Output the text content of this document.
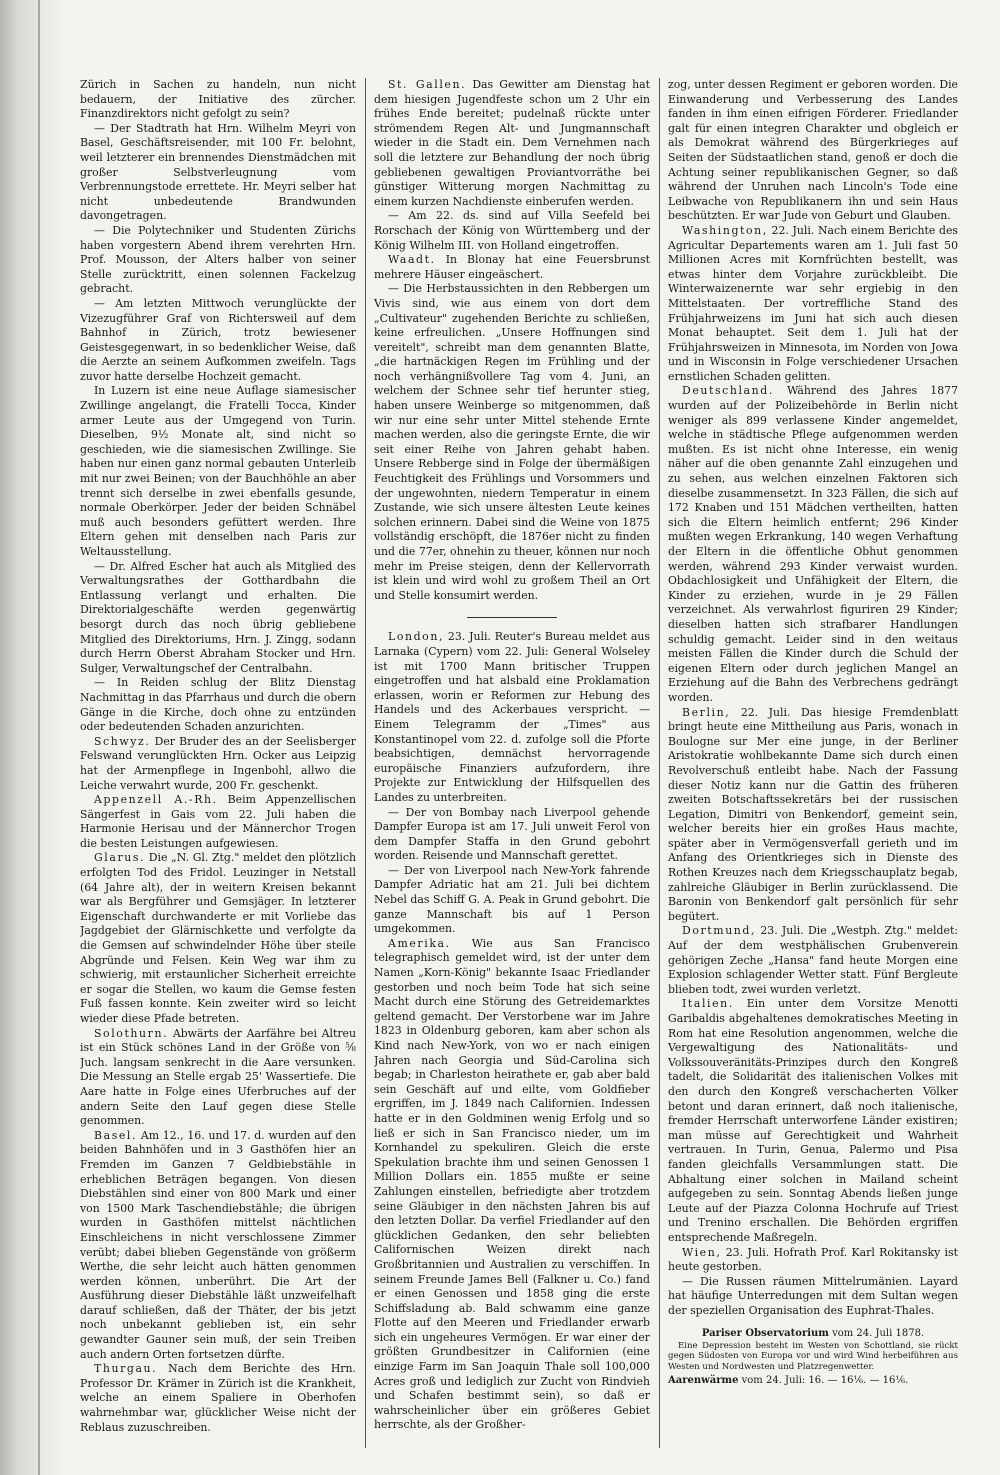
Zürich in Sachen zu handeln, nun nicht bedauern, der Initiative des zürcher. Finanzdirektors nicht gefolgt zu sein?

— Der Stadtrath hat Hrn. Wilhelm Meyri von Basel, Geschäftsreisender, mit 100 Fr. belohnt, weil letzterer ein brennendes Dienstmädchen mit großer Selbstverleugnung vom Verbrennungstode errettete. Hr. Meyri selber hat nicht unbedeutende Brandwunden davongetragen.

— Die Polytechniker und Studenten Zürichs haben vorgestern Abend ihrem verehrten Hrn. Prof. Mousson, der Alters halber von seiner Stelle zurücktritt, einen solennen Fackelzug gebracht.

— Am letzten Mittwoch verunglückte der Vizezugführer Graf von Richtersweil auf dem Bahnhof in Zürich, trotz bewiesener Geistesgegenwart, in so bedenklicher Weise, daß die Aerzte an seinem Aufkommen zweifeln. Tags zuvor hatte derselbe Hochzeit gemacht.

In Luzern ist eine neue Auflage siamesischer Zwillinge angelangt, die Fratelli Tocca, Kinder armer Leute aus der Umgegend von Turin. Dieselben, 9½ Monate alt, sind nicht so geschieden, wie die siamesischen Zwillinge. Sie haben nur einen ganz normal gebauten Unterleib mit nur zwei Beinen; von der Bauchhöhle an aber trennt sich derselbe in zwei ebenfalls gesunde, normale Oberkörper. Jeder der beiden Schnäbel muß auch besonders gefüttert werden. Ihre Eltern gehen mit denselben nach Paris zur Weltausstellung.

— Dr. Alfred Escher hat auch als Mitglied des Verwaltungsrathes der Gotthardbahn die Entlassung verlangt und erhalten. Die Direktorialgeschäfte werden gegenwärtig besorgt durch das noch übrig gebliebene Mitglied des Direktoriums, Hrn. J. Zingg, sodann durch Herrn Oberst Abraham Stocker und Hrn. Sulger, Verwaltungschef der Centralbahn.

— In Reiden schlug der Blitz Dienstag Nachmittag in das Pfarrhaus und durch die obern Gänge in die Kirche, doch ohne zu entzünden oder bedeutenden Schaden anzurichten.

Schwyz. Der Bruder des an der Seelisberger Felswand verunglückten Hrn. Ocker aus Leipzig hat der Armenpflege in Ingenbohl, allwo die Leiche verwahrt wurde, 200 Fr. geschenkt.

Appenzell A.-Rh. Beim Appenzellischen Sängerfest in Gais vom 22. Juli haben die Harmonie Herisau und der Männerchor Trogen die besten Leistungen aufgewiesen.

Glarus. Die „N. Gl. Ztg." meldet den plötzlich erfolgten Tod des Fridol. Leuzinger in Netstall (64 Jahre alt), der in weitern Kreisen bekannt war als Bergführer und Gemsjäger. In letzterer Eigenschaft durchwanderte er mit Vorliebe das Jagdgebiet der Glärnischkette und verfolgte da die Gemsen auf schwindelnder Höhe über steile Abgründe und Felsen. Kein Weg war ihm zu schwierig, mit erstaunlicher Sicherheit erreichte er sogar die Stellen, wo kaum die Gemse festen Fuß fassen konnte. Kein zweiter wird so leicht wieder diese Pfade betreten.

Solothurn. Abwärts der Aarfähre bei Altreu ist ein Stück schönes Land in der Größe von ⅝ Juch. langsam senkrecht in die Aare versunken. Die Messung an Stelle ergab 25' Wassertiefe. Die Aare hatte in Folge eines Uferbruches auf der andern Seite den Lauf gegen diese Stelle genommen.

Basel. Am 12., 16. und 17. d. wurden auf den beiden Bahnhöfen und in 3 Gasthöfen hier an Fremden im Ganzen 7 Geldbiebstähle in erheblichen Beträgen begangen. Von diesen Diebstählen sind einer von 800 Mark und einer von 1500 Mark Taschendiebstähle; die übrigen wurden in Gasthöfen mittelst nächtlichen Einschleichens in nicht verschlossene Zimmer verübt; dabei blieben Gegenstände von größerm Werthe, die sehr leicht auch hätten genommen werden können, unberührt. Die Art der Ausführung dieser Diebstähle läßt unzweifelhaft darauf schließen, daß der Thäter, der bis jetzt noch unbekannt geblieben ist, ein sehr gewandter Gauner sein muß, der sein Treiben auch andern Orten fortsetzen dürfte.

Thurgau. Nach dem Berichte des Hrn. Professor Dr. Krämer in Zürich ist die Krankheit, welche an einem Spaliere in Oberhofen wahrnehmbar war, glücklicher Weise nicht der Reblaus zuzuschreiben.

St. Gallen. Das Gewitter am Dienstag hat dem hiesigen Jugendfeste schon um 2 Uhr ein frühes Ende bereitet; pudelnaß rückte unter strömendem Regen Alt- und Jungmannschaft wieder in die Stadt ein. Dem Vernehmen nach soll die letztere zur Behandlung der noch übrig gebliebenen gewaltigen Proviantvorräthe bei günstiger Witterung morgen Nachmittag zu einem kurzen Nachdienste einberufen werden.

— Am 22. ds. sind auf Villa Seefeld bei Rorschach der König von Württemberg und der König Wilhelm III. von Holland eingetroffen.

Waadt. In Blonay hat eine Feuersbrunst mehrere Häuser eingeäschert.

— Die Herbstaussichten in den Rebbergen um Vivis sind, wie aus einem von dort dem „Cultivateur" zugehenden Berichte zu schließen, keine erfreulichen. „Unsere Hoffnungen sind vereitelt", schreibt man dem genannten Blatte, „die hartnäckigen Regen im Frühling und der noch verhängnißvollere Tag vom 4. Juni, an welchem der Schnee sehr tief herunter stieg, haben unsere Weinberge so mitgenommen, daß wir nur eine sehr unter Mittel stehende Ernte machen werden, also die geringste Ernte, die wir seit einer Reihe von Jahren gehabt haben. Unsere Rebberge sind in Folge der übermäßigen Feuchtigkeit des Frühlings und Vorsommers und der ungewohnten, niedern Temperatur in einem Zustande, wie sich unsere ältesten Leute keines solchen erinnern. Dabei sind die Weine von 1875 vollständig erschöpft, die 1876er nicht zu finden und die 77er, ohnehin zu theuer, können nur noch mehr im Preise steigen, denn der Kellervorrath ist klein und wird wohl zu großem Theil an Ort und Stelle konsumirt werden.

London, 23. Juli. Reuter's Bureau meldet aus Larnaka (Cypern) vom 22. Juli: General Wolseley ist mit 1700 Mann britischer Truppen eingetroffen und hat alsbald eine Proklamation erlassen, worin er Reformen zur Hebung des Handels und des Ackerbaues verspricht. — Einem Telegramm der „Times" aus Konstantinopel vom 22. d. zufolge soll die Pforte beabsichtigen, demnächst hervorragende europäische Finanziers aufzufordern, ihre Projekte zur Entwicklung der Hilfsquellen des Landes zu unterbreiten.

— Der von Bombay nach Liverpool gehende Dampfer Europa ist am 17. Juli unweit Ferol von dem Dampfer Staffa in den Grund gebohrt worden. Reisende und Mannschaft gerettet.

— Der von Liverpool nach New-York fahrende Dampfer Adriatic hat am 21. Juli bei dichtem Nebel das Schiff G. A. Peak in Grund gebohrt. Die ganze Mannschaft bis auf 1 Person umgekommen.

Amerika. Wie aus San Francisco telegraphisch gemeldet wird, ist der unter dem Namen „Korn-König" bekannte Isaac Friedlander gestorben und noch beim Tode hat sich seine Macht durch eine Störung des Getreidemarktes geltend gemacht. Der Verstorbene war im Jahre 1823 in Oldenburg geboren, kam aber schon als Kind nach New-York, von wo er nach einigen Jahren nach Georgia und Süd-Carolina sich begab; in Charleston heirathete er, gab aber bald sein Geschäft auf und eilte, vom Goldfieber ergriffen, im J. 1849 nach Californien. Indessen hatte er in den Goldminen wenig Erfolg und so ließ er sich in San Francisco nieder, um im Kornhandel zu spekuliren. Gleich die erste Spekulation brachte ihm und seinen Genossen 1 Million Dollars ein. 1855 mußte er seine Zahlungen einstellen, befriedigte aber trotzdem seine Gläubiger in den nächsten Jahren bis auf den letzten Dollar. Da verfiel Friedlander auf den glücklichen Gedanken, den sehr beliebten Californischen Weizen direkt nach Großbritannien und Australien zu verschiffen. In seinem Freunde James Bell (Falkner u. Co.) fand er einen Genossen und 1858 ging die erste Schiffsladung ab. Bald schwamm eine ganze Flotte auf den Meeren und Friedlander erwarb sich ein ungeheures Vermögen. Er war einer der größten Grundbesitzer in Californien (eine einzige Farm im San Joaquin Thale soll 100,000 Acres groß und lediglich zur Zucht von Rindvieh und Schafen bestimmt sein), so daß er wahrscheinlicher über ein größeres Gebiet herrschte, als der Großher-

zog, unter dessen Regiment er geboren worden. Die Einwanderung und Verbesserung des Landes fanden in ihm einen eifrigen Förderer. Friedlander galt für einen integren Charakter und obgleich er als Demokrat während des Bürgerkrieges auf Seiten der Südstaatlichen stand, genoß er doch die Achtung seiner republikanischen Gegner, so daß während der Unruhen nach Lincoln's Tode eine Leibwache von Republikanern ihn und sein Haus beschützten. Er war Jude von Geburt und Glauben.

Washington, 22. Juli. Nach einem Berichte des Agricultar Departements waren am 1. Juli fast 50 Millionen Acres mit Kornfrüchten bestellt, was etwas hinter dem Vorjahre zurückbleibt. Die Winterwaizenernte war sehr ergiebig in den Mittelstaaten. Der vortreffliche Stand des Frühjahrweizens im Juni hat sich auch diesen Monat behauptet. Seit dem 1. Juli hat der Frühjahrsweizen in Minnesota, im Norden von Jowa und in Wisconsin in Folge verschiedener Ursachen ernstlichen Schaden gelitten.

Deutschland. Während des Jahres 1877 wurden auf der Polizeibehörde in Berlin nicht weniger als 899 verlassene Kinder angemeldet, welche in städtische Pflege aufgenommen werden mußten. Es ist nicht ohne Interesse, ein wenig näher auf die oben genannte Zahl einzugehen und zu sehen, aus welchen einzelnen Faktoren sich dieselbe zusammensetzt. In 323 Fällen, die sich auf 172 Knaben und 151 Mädchen vertheilten, hatten sich die Eltern heimlich entfernt; 296 Kinder mußten wegen Erkrankung, 140 wegen Verhaftung der Eltern in die öffentliche Obhut genommen werden, während 293 Kinder verwaist wurden. Obdachlosigkeit und Unfähigkeit der Eltern, die Kinder zu erziehen, wurde in je 29 Fällen verzeichnet. Als verwahrlost figuriren 29 Kinder; dieselben hatten sich strafbarer Handlungen schuldig gemacht. Leider sind in den weitaus meisten Fällen die Kinder durch die Schuld der eigenen Eltern oder durch jeglichen Mangel an Erziehung auf die Bahn des Verbrechens gedrängt worden.

Berlin, 22. Juli. Das hiesige Fremdenblatt bringt heute eine Mittheilung aus Paris, wonach in Boulogne sur Mer eine junge, in der Berliner Aristokratie wohlbekannte Dame sich durch einen Revolverschuß entleibt habe. Nach der Fassung dieser Notiz kann nur die Gattin des früheren zweiten Botschaftssekretärs bei der russischen Legation, Dimitri von Benkendorf, gemeint sein, welcher bereits hier ein großes Haus machte, später aber in Vermögensverfall gerieth und im Anfang des Orientkrieges sich in Dienste des Rothen Kreuzes nach dem Kriegsschauplatz begab, zahlreiche Gläubiger in Berlin zurücklassend. Die Baronin von Benkendorf galt persönlich für sehr begütert.

Dortmund, 23. Juli. Die „Westph. Ztg." meldet: Auf der dem westphälischen Grubenverein gehörigen Zeche „Hansa" fand heute Morgen eine Explosion schlagender Wetter statt. Fünf Bergleute blieben todt, zwei wurden verletzt.

Italien. Ein unter dem Vorsitze Menotti Garibaldis abgehaltenes demokratisches Meeting in Rom hat eine Resolution angenommen, welche die Vergewaltigung des Nationalitäts- und Volkssouveränitäts-Prinzipes durch den Kongreß tadelt, die Solidarität des italienischen Volkes mit den durch den Kongreß verschacherten Völker betont und daran erinnert, daß noch italienische, fremder Herrschaft unterworfene Länder existiren; man müsse auf Gerechtigkeit und Wahrheit vertrauen. In Turin, Genua, Palermo und Pisa fanden gleichfalls Versammlungen statt. Die Abhaltung einer solchen in Mailand scheint aufgegeben zu sein. Sonntag Abends ließen junge Leute auf der Piazza Colonna Hochrufe auf Triest und Trenino erschallen. Die Behörden ergriffen entsprechende Maßregeln.

Wien, 23. Juli. Hofrath Prof. Karl Rokitansky ist heute gestorben.

— Die Russen räumen Mittelrumänien. Layard hat häufige Unterredungen mit dem Sultan wegen der speziellen Organisation des Euphrat-Thales.

Pariser Observatorium vom 24. Juli 1878.

Eine Depression besteht im Westen von Schottland, sie rückt gegen Südosten von Europa vor und wird Wind herbeiführen aus Westen und Nordwesten und Platzregenwetter.

Aarenwärme vom 24. Juli: 16. — 16⅙. — 16⅙.
